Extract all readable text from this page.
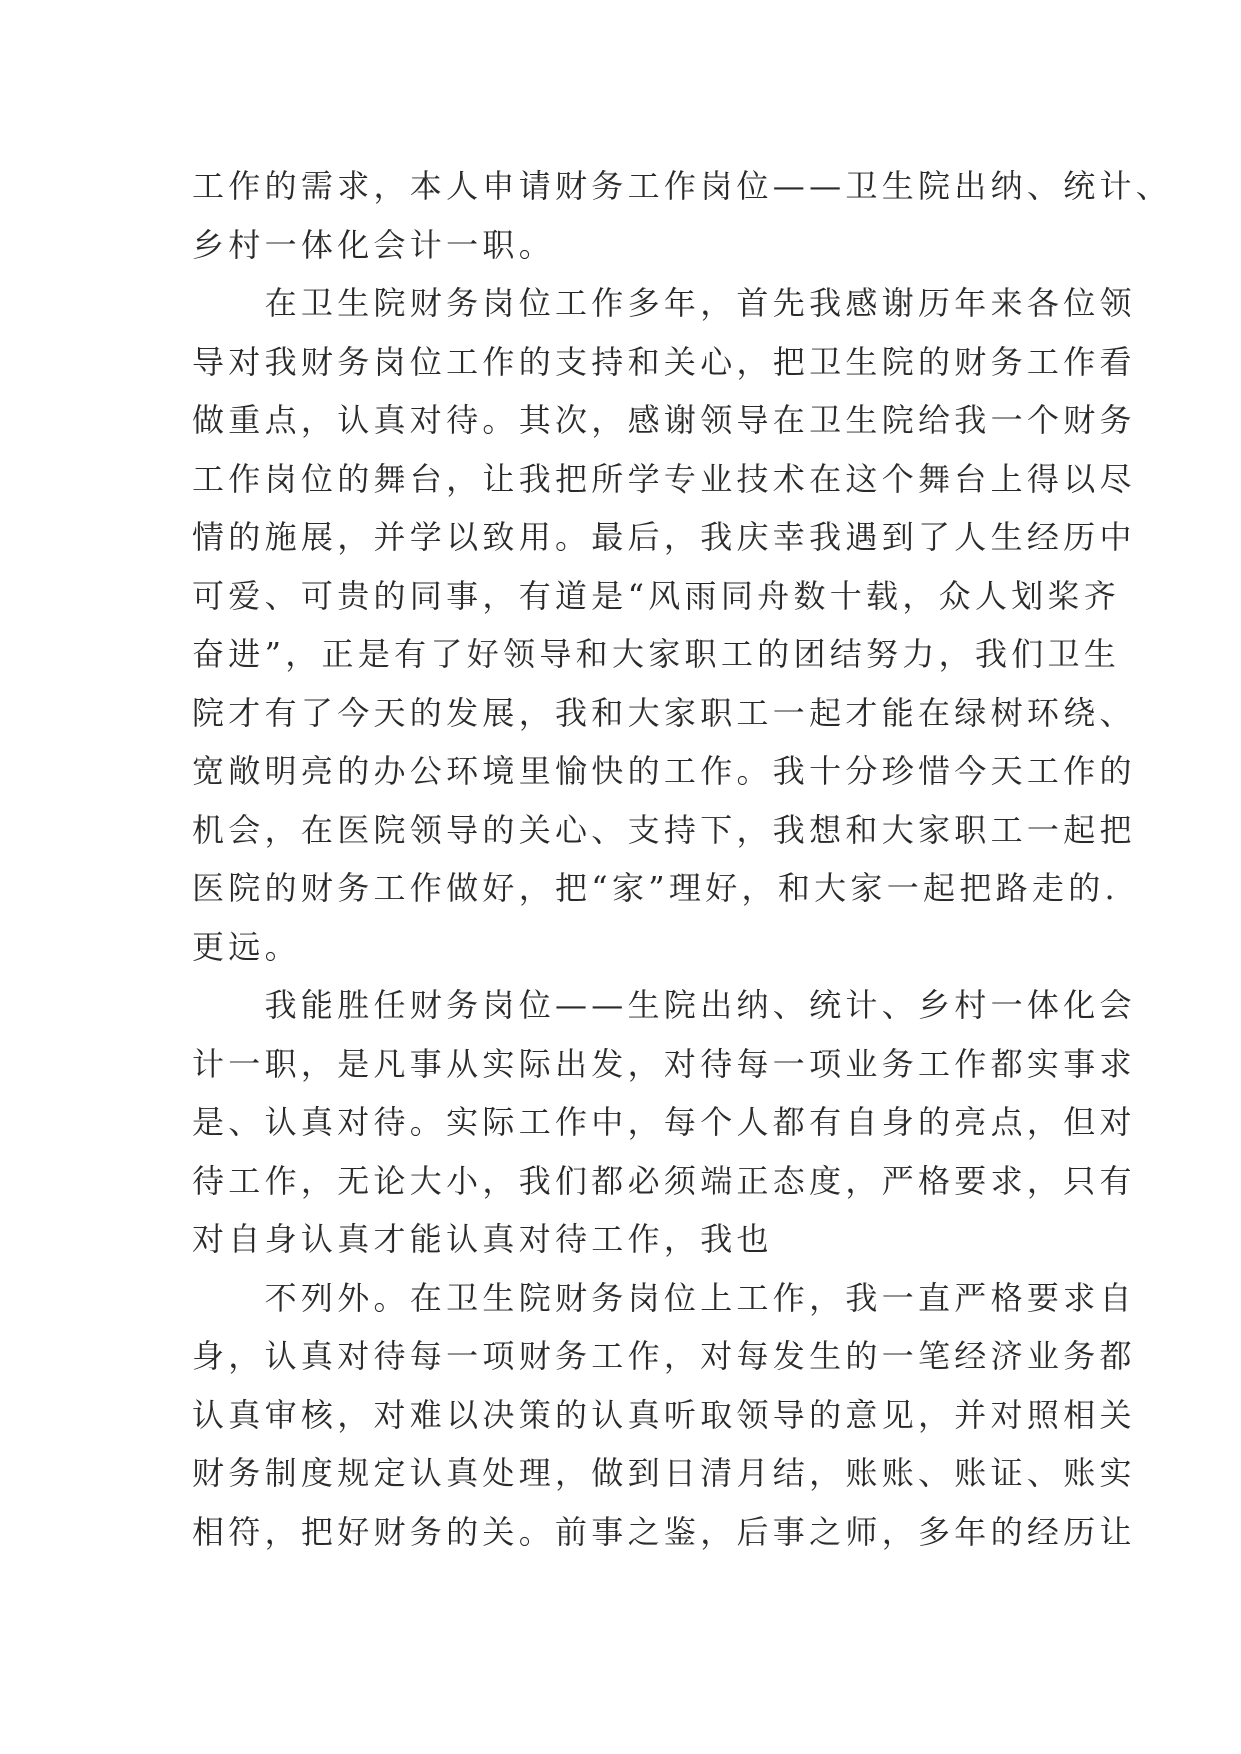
工作的需求，本人申请财务工作岗位——卫生院出纳、统计、
乡村一体化会计一职。
　　在卫生院财务岗位工作多年，首先我感谢历年来各位领
导对我财务岗位工作的支持和关心，把卫生院的财务工作看
做重点，认真对待。其次，感谢领导在卫生院给我一个财务
工作岗位的舞台，让我把所学专业技术在这个舞台上得以尽
情的施展，并学以致用。最后，我庆幸我遇到了人生经历中
可爱、可贵的同事，有道是“风雨同舟数十载，众人划桨齐
奋进”，正是有了好领导和大家职工的团结努力，我们卫生
院才有了今天的发展，我和大家职工一起才能在绿树环绕、
宽敞明亮的办公环境里愉快的工作。我十分珍惜今天工作的
机会，在医院领导的关心、支持下，我想和大家职工一起把
医院的财务工作做好，把“家”理好，和大家一起把路走的.
更远。
　　我能胜任财务岗位——生院出纳、统计、乡村一体化会
计一职，是凡事从实际出发，对待每一项业务工作都实事求
是、认真对待。实际工作中，每个人都有自身的亮点，但对
待工作，无论大小，我们都必须端正态度，严格要求，只有
对自身认真才能认真对待工作，我也
　　不列外。在卫生院财务岗位上工作，我一直严格要求自
身，认真对待每一项财务工作，对每发生的一笔经济业务都
认真审核，对难以决策的认真听取领导的意见，并对照相关
财务制度规定认真处理，做到日清月结，账账、账证、账实
相符，把好财务的关。前事之鉴，后事之师，多年的经历让
